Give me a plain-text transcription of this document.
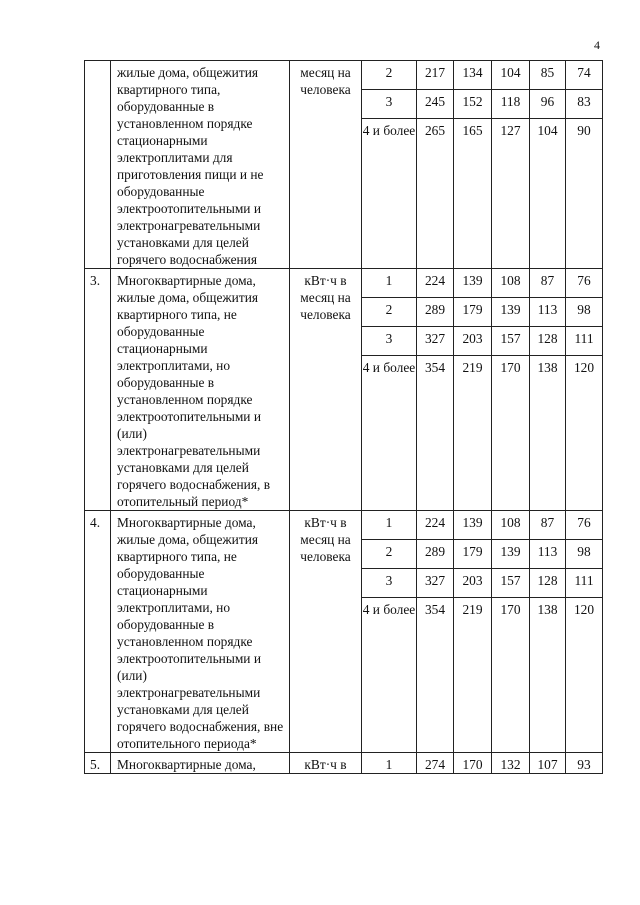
4
	жилые дома, общежития квартирного типа, оборудованные в установленном порядке стационарными электроплитами для приготовления пищи и не оборудованные электроотопительными и электронагревательными установками для целей горячего водоснабжения	месяц на человека	2	217	134	104	85	74
			3	245	152	118	96	83
			4 и более	265	165	127	104	90
3.	Многоквартирные дома, жилые дома, общежития квартирного типа, не оборудованные стационарными электроплитами, но оборудованные в установленном порядке электроотопительными и (или) электронагревательными установками для целей горячего водоснабжения, в отопительный период*	кВт·ч в месяц на человека	1	224	139	108	87	76
			2	289	179	139	113	98
			3	327	203	157	128	111
			4 и более	354	219	170	138	120
4.	Многоквартирные дома, жилые дома, общежития квартирного типа, не оборудованные стационарными электроплитами, но оборудованные в установленном порядке электроотопительными и (или) электронагревательными установками для целей горячего водоснабжения, вне отопительного периода*	кВт·ч в месяц на человека	1	224	139	108	87	76
			2	289	179	139	113	98
			3	327	203	157	128	111
			4 и более	354	219	170	138	120
5.	Многоквартирные дома,	кВт·ч в	1	274	170	132	107	93
